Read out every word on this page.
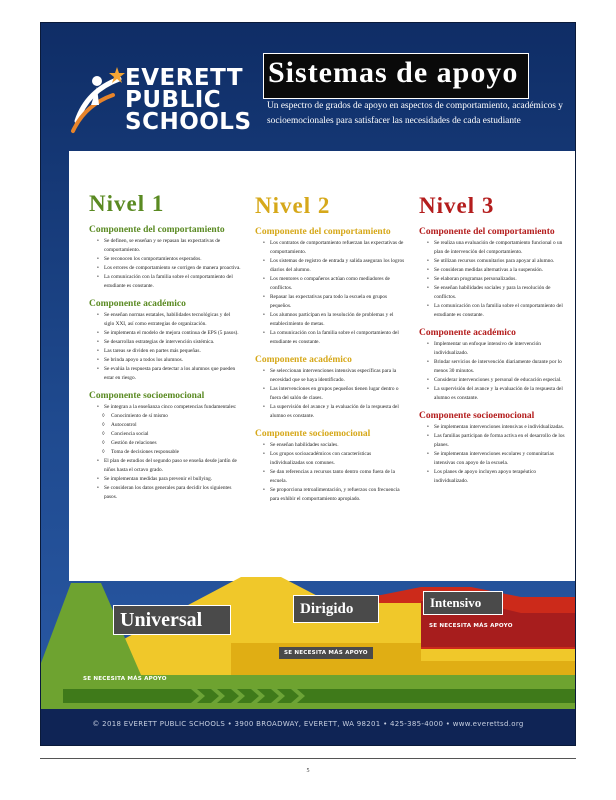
EVERETT
PUBLIC
SCHOOLS
Sistemas de apoyo
Un espectro de grados de apoyo en aspectos de comportamiento, académicos y socioemocionales para satisfacer las necesidades de cada estudiante
Nivel 1
Componente del comportamiento
• Se definen, se enseñan y se repasan las expectativas de comportamiento.
• Se reconocen los comportamientos esperados.
• Los errores de comportamiento se corrigen de manera proactiva.
• La comunicación con la familia sobre el comportamiento del estudiante es constante.
Componente académico
• Se enseñan normas estatales, habilidades tecnológicas y del siglo XXI, así como estrategias de organización.
• Se implementa el modelo de mejora continua de EPS (5 pasos).
• Se desarrollan estrategias de intervención sistémica.
• Las tareas se dividen en partes más pequeñas.
• Se brinda apoyo a todos los alumnos.
• Se evalúa la respuesta para detectar a los alumnos que pueden estar en riesgo.
Componente socioemocional
• Se integran a la enseñanza cinco competencias fundamentales:
◊ Conocimiento de sí mismo
◊ Autocontrol
◊ Conciencia social
◊ Gestión de relaciones
◊ Toma de decisiones responsable
• El plan de estudios del segundo paso se enseña desde jardín de niños hasta el octavo grado.
• Se implementan medidas para prevenir el bullying.
• Se consideran los datos generales para decidir los siguientes pasos.
Nivel 2
Componente del comportamiento
• Los contratos de comportamiento refuerzan las expectativas de comportamiento.
• Los sistemas de registro de entrada y salida aseguran los logros diarios del alumno.
• Los mentores o compañeros actúan como mediadores de conflictos.
• Repasar las expectativas para todo la escuela en grupos pequeños.
• Los alumnos participan en la resolución de problemas y el establecimiento de metas.
• La comunicación con la familia sobre el comportamiento del estudiante es constante.
Componente académico
• Se seleccionan intervenciones intensivas específicas para la necesidad que se haya identificado.
• Las intervenciones en grupos pequeños tienen lugar dentro o fuera del salón de clases.
• La supervisión del avance y la evaluación de la respuesta del alumno es constante.
Componente socioemocional
• Se enseñan habilidades sociales.
• Los grupos socioacadémicos con características individualizadas son comunes.
• Se dan referencias a recursos tanto dentro como fuera de la escuela.
• Se proporciona retroalimentación, y refuerzos con frecuencia para exhibir el comportamiento apropiado.
Nivel 3
Componente del comportamiento
• Se realiza una evaluación de comportamiento funcional o un plan de intervención del comportamiento.
• Se utilizan recursos comunitarios para apoyar al alumno.
• Se consideran medidas alternativas a la suspensión.
• Se elaboran programas personalizados.
• Se enseñan habilidades sociales y para la resolución de conflictos.
• La comunicación con la familia sobre el comportamiento del estudiante es constante.
Componente académico
• Implementar un enfoque intensivo de intervención individualizado.
• Brindar servicios de intervención diariamente durante por lo menos 30 minutos.
• Considerar intervenciones y personal de educación especial.
• La supervisión del avance y la evaluación de la respuesta del alumno es constante.
Componente socioemocional
• Se implementan intervenciones intensivas e individualizadas.
• Las familias participan de forma activa en el desarrollo de los planes.
• Se implementan intervenciones escolares y comunitarias intensivas con apoyo de la escuela.
• Los planes de apoyo incluyen apoyo terapéutico individualizado.
Universal	Dirigido	Intensivo
SE NECESITA MÁS APOYO
SE NECESITA MÁS APOYO
SE NECESITA MÁS APOYO
© 2018 EVERETT PUBLIC SCHOOLS • 3900 BROADWAY, EVERETT, WA 98201 • 425-385-4000 • www.everettsd.org
5
